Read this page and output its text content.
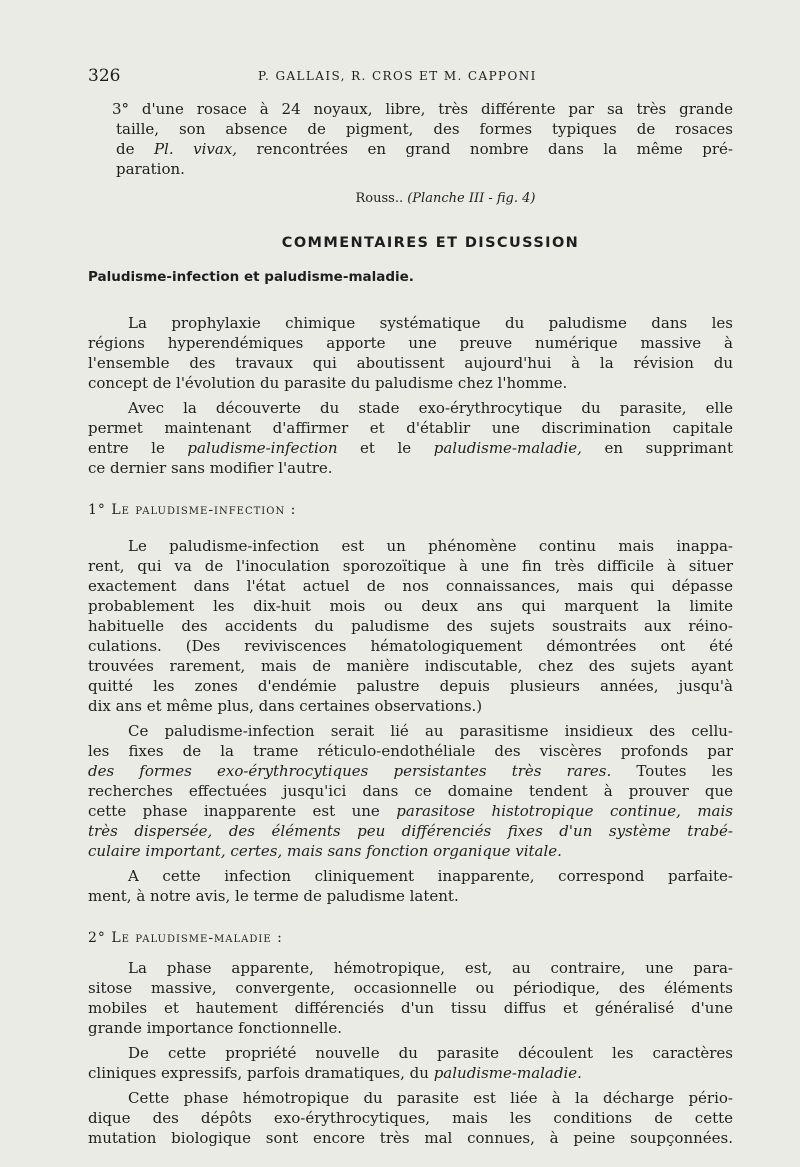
326	P. GALLAIS, R. CROS ET M. CAPPONI
3° d'une rosace à 24 noyaux, libre, très différente par sa très grande
taille, son absence de pigment, des formes typiques de rosaces
de Pl. vivax, rencontrées en grand nombre dans la même pré-
paration.
Rouss.. (Planche III - fig. 4)
COMMENTAIRES ET DISCUSSION
Paludisme-infection et paludisme-maladie.
La prophylaxie chimique systématique du paludisme dans les
régions hyperendémiques apporte une preuve numérique massive à
l'ensemble des travaux qui aboutissent aujourd'hui à la révision du
concept de l'évolution du parasite du paludisme chez l'homme.
Avec la découverte du stade exo-érythrocytique du parasite, elle
permet maintenant d'affirmer et d'établir une discrimination capitale
entre le paludisme-infection et le paludisme-maladie, en supprimant
ce dernier sans modifier l'autre.
1° Le paludisme-infection :
Le paludisme-infection est un phénomène continu mais inappa-
rent, qui va de l'inoculation sporozoïtique à une fin très difficile à situer
exactement dans l'état actuel de nos connaissances, mais qui dépasse
probablement les dix-huit mois ou deux ans qui marquent la limite
habituelle des accidents du paludisme des sujets soustraits aux réino-
culations. (Des reviviscences hématologiquement démontrées ont été
trouvées rarement, mais de manière indiscutable, chez des sujets ayant
quitté les zones d'endémie palustre depuis plusieurs années, jusqu'à
dix ans et même plus, dans certaines observations.)
Ce paludisme-infection serait lié au parasitisme insidieux des cellu-
les fixes de la trame réticulo-endothéliale des viscères profonds par
des formes exo-érythrocytiques persistantes très rares. Toutes les
recherches effectuées jusqu'ici dans ce domaine tendent à prouver que
cette phase inapparente est une parasitose histotropique continue, mais
très dispersée, des éléments peu différenciés fixes d'un système trabé-
culaire important, certes, mais sans fonction organique vitale.
A cette infection cliniquement inapparente, correspond parfaite-
ment, à notre avis, le terme de paludisme latent.
2° Le paludisme-maladie :
La phase apparente, hémotropique, est, au contraire, une para-
sitose massive, convergente, occasionnelle ou périodique, des éléments
mobiles et hautement différenciés d'un tissu diffus et généralisé d'une
grande importance fonctionnelle.
De cette propriété nouvelle du parasite découlent les caractères
cliniques expressifs, parfois dramatiques, du paludisme-maladie.
Cette phase hémotropique du parasite est liée à la décharge pério-
dique des dépôts exo-érythrocytiques, mais les conditions de cette
mutation biologique sont encore très mal connues, à peine soupçonnées.
